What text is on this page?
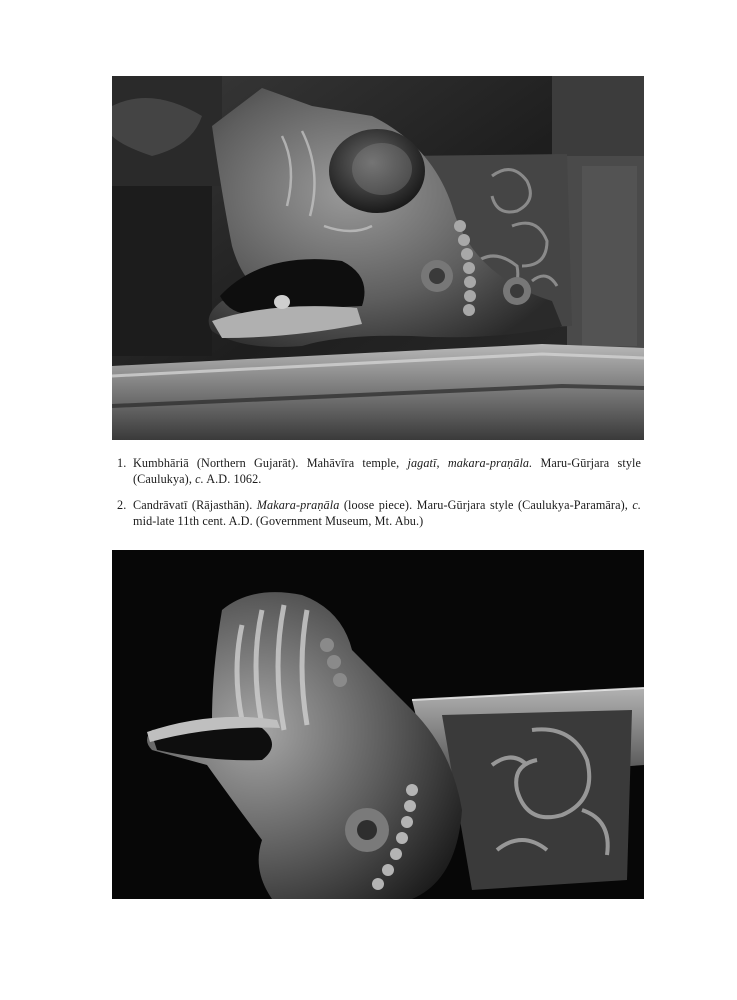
1. Kumbhāriā (Northern Gujarāt). Mahāvīra temple, jagatī, makara-praṇāla. Maru-Gūrjara style (Caulukya), c. A.D. 1062.
2. Candrāvatī (Rājasthān). Makara-praṇāla (loose piece). Maru-Gūrjara style (Caulukya-Paramāra), c. mid-late 11th cent. A.D. (Government Museum, Mt. Abu.)
